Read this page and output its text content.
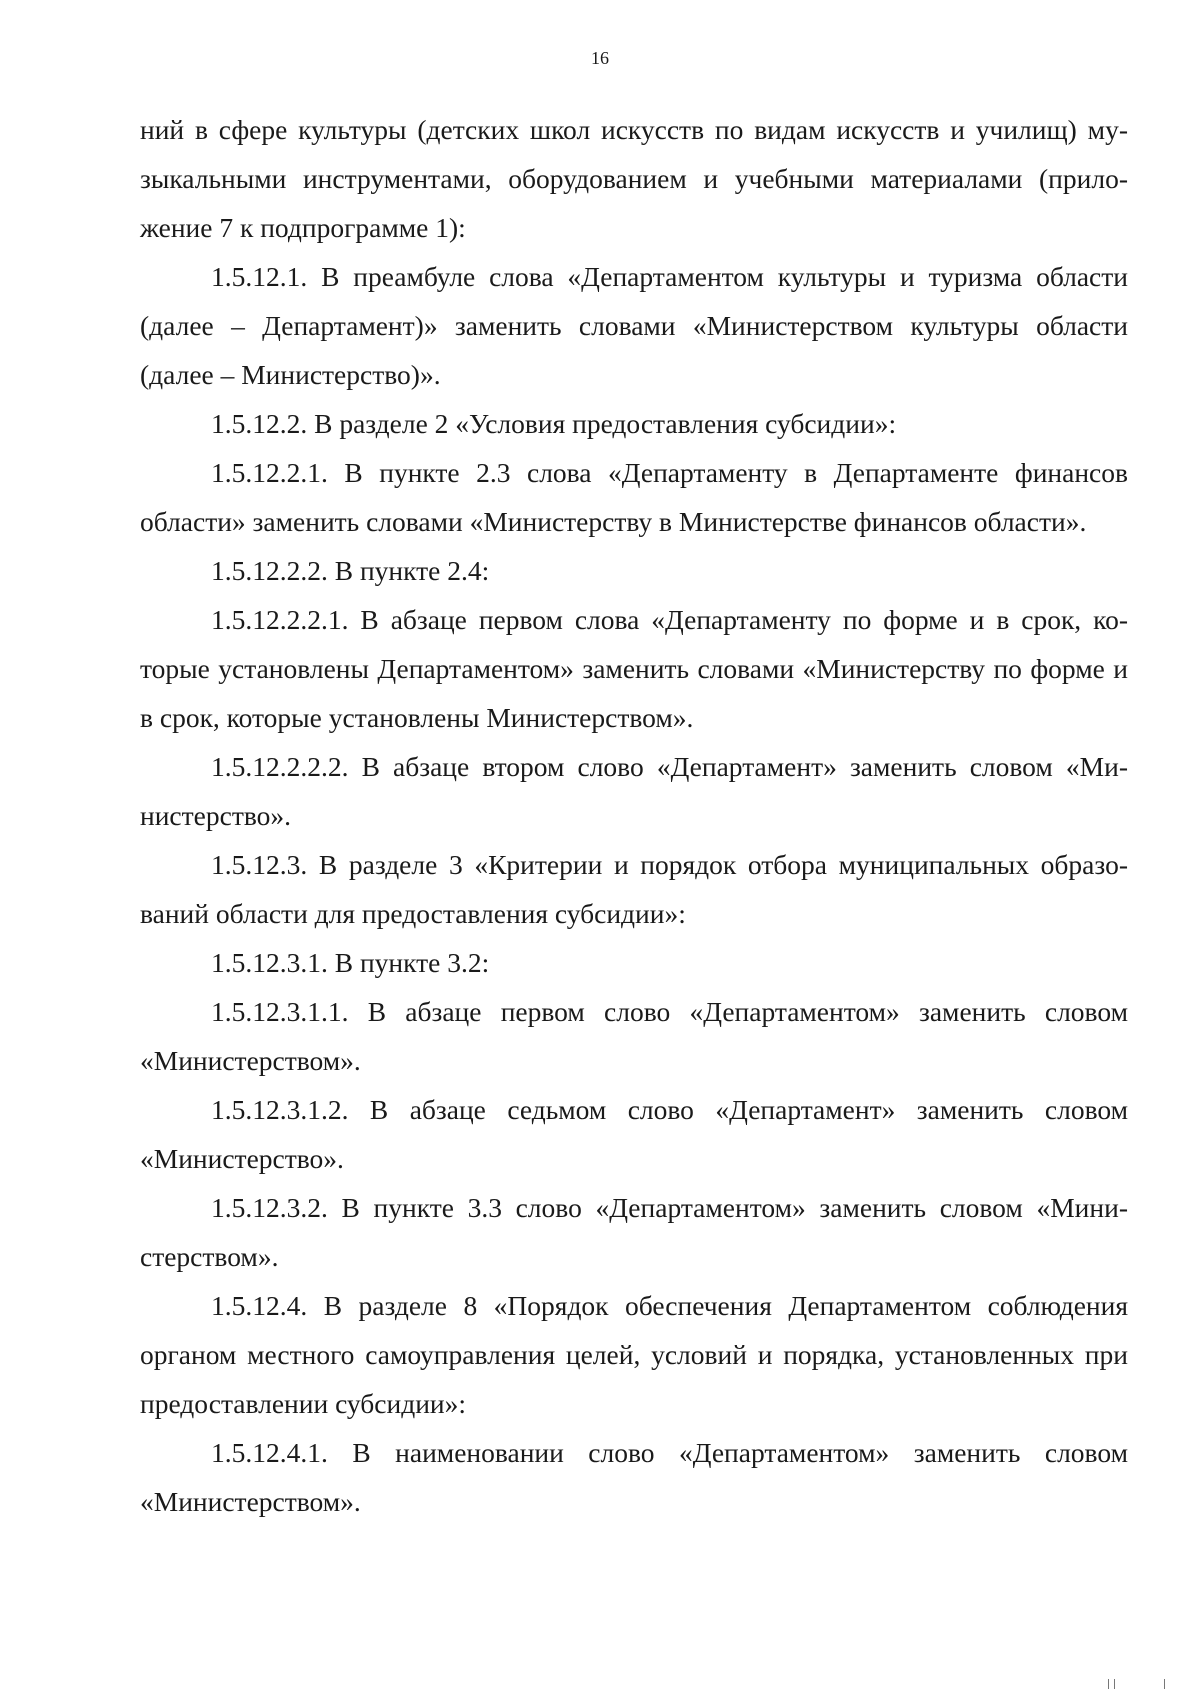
16

ний в сфере культуры (детских школ искусств по видам искусств и училищ) музыкальными инструментами, оборудованием и учебными материалами (приложение 7 к подпрограмме 1):

1.5.12.1. В преамбуле слова «Департаментом культуры и туризма области (далее – Департамент)» заменить словами «Министерством культуры области (далее – Министерство)».

1.5.12.2. В разделе 2 «Условия предоставления субсидии»:

1.5.12.2.1. В пункте 2.3 слова «Департаменту в Департаменте финансов области» заменить словами «Министерству в Министерстве финансов области».

1.5.12.2.2. В пункте 2.4:

1.5.12.2.2.1. В абзаце первом слова «Департаменту по форме и в срок, которые установлены Департаментом» заменить словами «Министерству по форме и в срок, которые установлены Министерством».

1.5.12.2.2.2. В абзаце втором слово «Департамент» заменить словом «Министерство».

1.5.12.3. В разделе 3 «Критерии и порядок отбора муниципальных образований области для предоставления субсидии»:

1.5.12.3.1. В пункте 3.2:

1.5.12.3.1.1. В абзаце первом слово «Департаментом» заменить словом «Министерством».

1.5.12.3.1.2. В абзаце седьмом слово «Департамент» заменить словом «Министерство».

1.5.12.3.2. В пункте 3.3 слово «Департаментом» заменить словом «Министерством».

1.5.12.4. В разделе 8 «Порядок обеспечения Департаментом соблюдения органом местного самоуправления целей, условий и порядка, установленных при предоставлении субсидии»:

1.5.12.4.1. В наименовании слово «Департаментом» заменить словом «Министерством».
